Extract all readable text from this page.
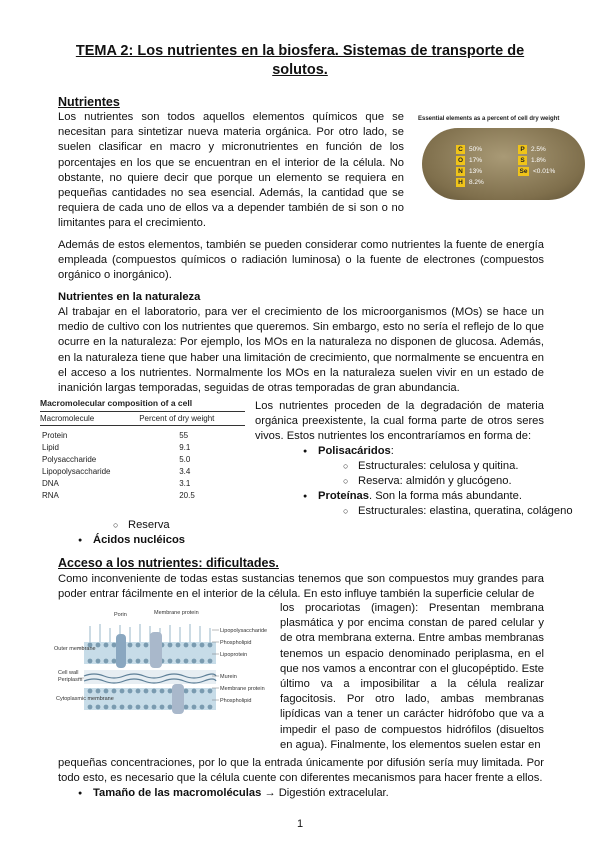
TEMA 2: Los nutrientes en la biosfera. Sistemas de transporte de solutos.
Nutrientes
Los nutrientes son todos aquellos elementos químicos que se necesitan para sintetizar nueva materia orgánica. Por otro lado, se suelen clasificar en macro y micronutrientes en función de los porcentajes en los que se encuentran en el interior de la célula. No obstante, no quiere decir que porque un elemento se requiera en pequeñas cantidades no sea esencial. Además, la cantidad que se requiera de cada uno de ellos va a depender también de si son o no limitantes para el crecimiento.
Essential elements as a percent of cell dry weight
C 50%
O 17%
N 13%
H 8.2%
P 2.5%
S 1.8%
Se <0.01%
Además de estos elementos, también se pueden considerar como nutrientes la fuente de energía empleada (compuestos químicos o radiación luminosa) o la fuente de electrones (compuestos orgánico o inorgánico).
Nutrientes en la naturaleza
Al trabajar en el laboratorio, para ver el crecimiento de los microorganismos (MOs) se hace un medio de cultivo con los nutrientes que queremos. Sin embargo, esto no sería el reflejo de lo que ocurre en la naturaleza: Por ejemplo, los MOs en la naturaleza no disponen de glucosa. Además, en la naturaleza tiene que haber una limitación de crecimiento, que normalmente se encuentra en el acceso a los nutrientes. Normalmente los MOs en la naturaleza suelen vivir en un estado de inanición largas temporadas, seguidas de otras temporadas de gran abundancia.
Macromolecular composition of a cell
Macromolecule	Percent of dry weight
Protein	55
Lipid	9.1
Polysaccharide	5.0
Lipopolysaccharide	3.4
DNA	3.1
RNA	20.5
Los nutrientes proceden de la degradación de materia orgánica preexistente, la cual forma parte de otros seres vivos. Estos nutrientes los encontraríamos en forma de:
● Polisacáridos:
○ Estructurales: celulosa y quitina.
○ Reserva: almidón y glucógeno.
● Proteínas. Son la forma más abundante.
○ Estructurales: elastina, queratina, colágeno
○ Reserva
● Ácidos nucléicos
Acceso a los nutrientes: dificultades.
Como inconveniente de todas estas sustancias tenemos que son compuestos muy grandes para poder entrar fácilmente en el interior de la célula. En esto influye también la superficie celular de
Porin	Membrane protein
Outer membrane
Cell wall
Periplasm
Cytoplasmic membrane
Lipopolysaccharide
Phospholipid
Lipoprotein
Murein
Membrane protein
Phospholipid
los procariotas (imagen): Presentan membrana plasmática y por encima constan de pared celular y de otra membrana externa. Entre ambas membranas tenemos un espacio denominado periplasma, en el que nos vamos a encontrar con el glucopéptido. Este último va a imposibilitar a la célula realizar fagocitosis. Por otro lado, ambas membranas lipídicas van a tener un carácter hidrófobo que va a impedir el paso de compuestos hidrófilos (disueltos en agua). Finalmente, los elementos suelen estar en
pequeñas concentraciones, por lo que la entrada únicamente por difusión sería muy limitada. Por todo esto, es necesario que la célula cuente con diferentes mecanismos para hacer frente a ellos.
● Tamaño de las macromoléculas → Digestión extracelular.
1
